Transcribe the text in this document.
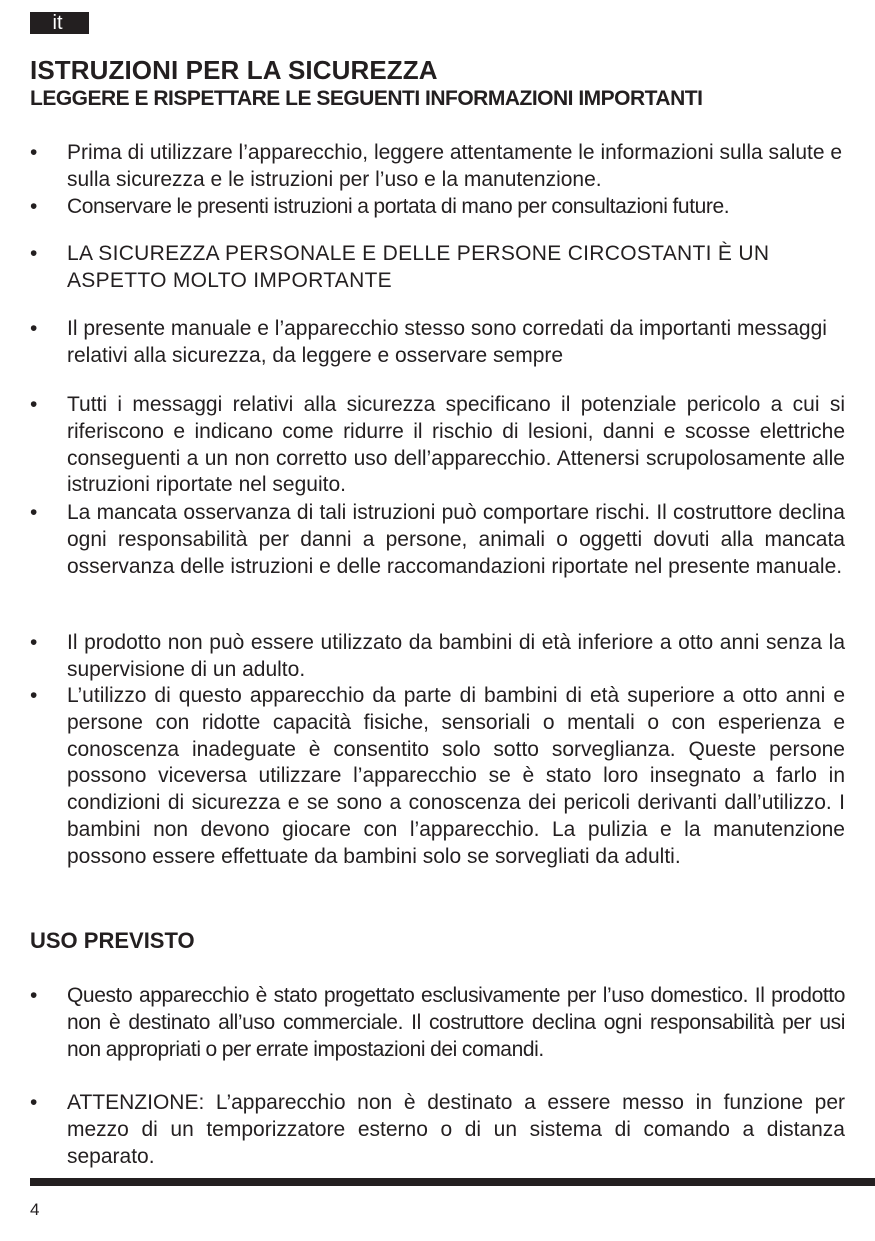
it
ISTRUZIONI PER LA SICUREZZA
LEGGERE E RISPETTARE LE SEGUENTI INFORMAZIONI IMPORTANTI
• Prima di utilizzare l’apparecchio, leggere attentamente le informazioni sulla salute e sulla sicurezza e le istruzioni per l’uso e la manutenzione.
• Conservare le presenti istruzioni a portata di mano per consultazioni future.
• LA SICUREZZA PERSONALE E DELLE PERSONE CIRCOSTANTI È UN ASPETTO MOLTO IMPORTANTE
• Il presente manuale e l’apparecchio stesso sono corredati da importanti messaggi relativi alla sicurezza, da leggere e osservare sempre
• Tutti i messaggi relativi alla sicurezza specificano il potenziale pericolo a cui si riferiscono e indicano come ridurre il rischio di lesioni, danni e scosse elettriche conseguenti a un non corretto uso dell’apparecchio. Attenersi scrupolosamente alle istruzioni riportate nel seguito.
• La mancata osservanza di tali istruzioni può comportare rischi. Il costruttore declina ogni responsabilità per danni a persone, animali o oggetti dovuti alla mancata osservanza delle istruzioni e delle raccomandazioni riportate nel presente manuale.
• Il prodotto non può essere utilizzato da bambini di età inferiore a otto anni senza la supervisione di un adulto.
• L’utilizzo di questo apparecchio da parte di bambini di età superiore a otto anni e persone con ridotte capacità fisiche, sensoriali o mentali o con esperienza e conoscenza inadeguate è consentito solo sotto sorveglianza. Queste persone possono viceversa utilizzare l’apparecchio se è stato loro insegnato a farlo in condizioni di sicurezza e se sono a conoscenza dei pericoli derivanti dall’utilizzo. I bambini non devono giocare con l’apparecchio. La pulizia e la manutenzione possono essere effettuate da bambini solo se sorvegliati da adulti.
USO PREVISTO
• Questo apparecchio è stato progettato esclusivamente per l’uso domestico. Il prodotto non è destinato all’uso commerciale. Il costruttore declina ogni responsabilità per usi non appropriati o per errate impostazioni dei comandi.
• ATTENZIONE: L’apparecchio non è destinato a essere messo in funzione per mezzo di un temporizzatore esterno o di un sistema di comando a distanza separato.
4
